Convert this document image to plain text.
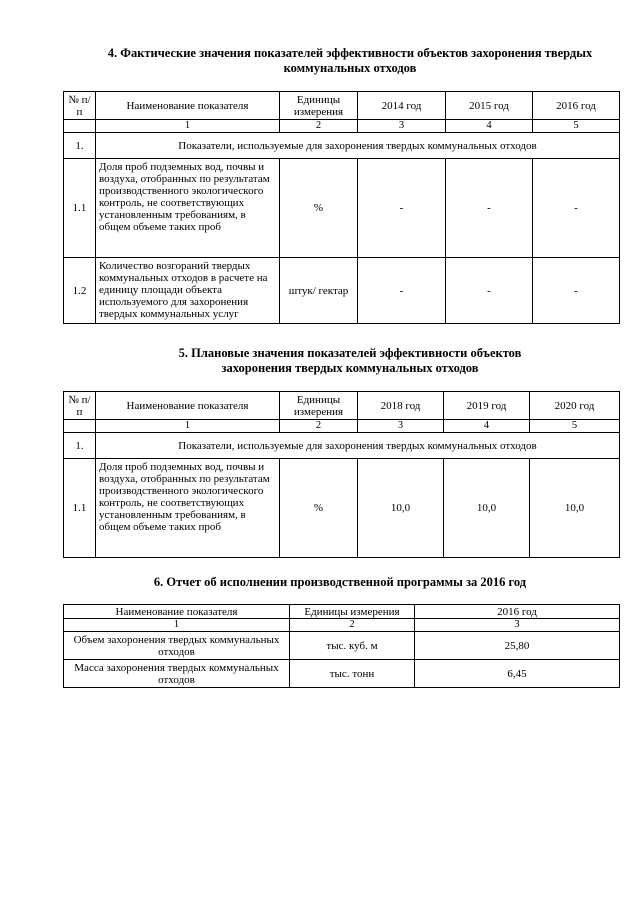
4. Фактические значения показателей эффективности объектов захоронения твердых
коммунальных отходов
№ п/п	Наименование показателя	Единицы измерения	2014 год	2015 год	2016 год
	1	2	3	4	5
1.	Показатели, используемые для захоронения твердых коммунальных отходов				
1.1	Доля проб подземных вод, почвы и воздуха, отобранных по результатам производственного экологического контроль, не соответствующих установленным требованиям, в общем объеме таких проб	%	-	-	-
1.2	Количество возгораний твердых коммунальных отходов в расчете на единицу площади объекта используемого для захоронения твердых коммунальных услуг	штук/ гектар	-	-	-
5. Плановые значения показателей эффективности объектов
захоронения твердых коммунальных отходов
№ п/п	Наименование показателя	Единицы измерения	2018 год	2019 год	2020 год
	1	2	3	4	5
1.	Показатели, используемые для захоронения твердых коммунальных отходов				
1.1	Доля проб подземных вод, почвы и воздуха, отобранных по результатам производственного экологического контроль, не соответствующих установленным требованиям, в общем объеме таких проб	%	10,0	10,0	10,0
6. Отчет об исполнении производственной программы за 2016 год
Наименование показателя	Единицы измерения	2016 год
1	2	3
Объем захоронения твердых коммунальных отходов	тыс. куб. м	25,80
Масса захоронения твердых коммунальных отходов	тыс. тонн	6,45
